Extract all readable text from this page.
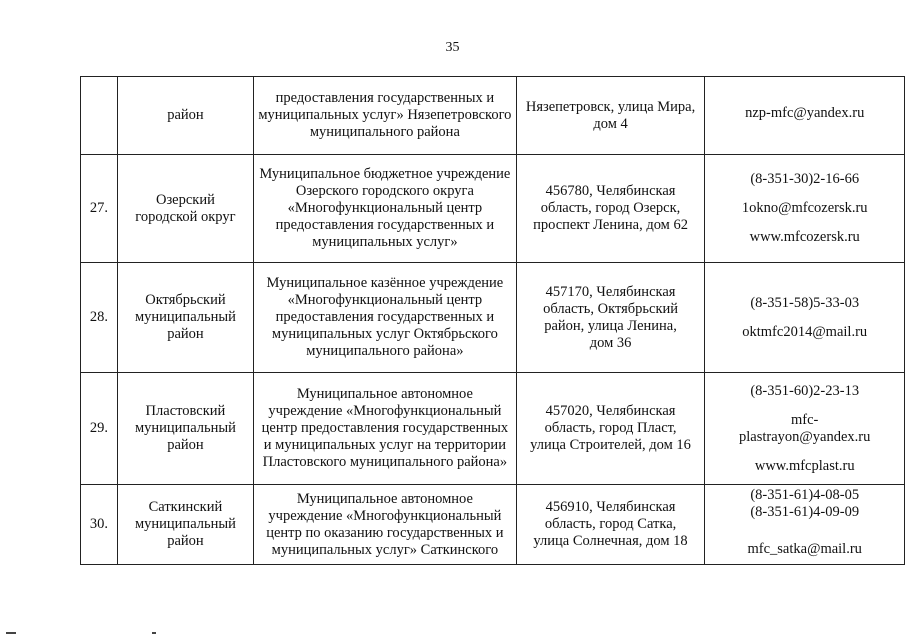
35

	район	предоставления государственных и
муниципальных услуг» Нязепетровского
муниципального района	Нязепетровск, улица Мира,
дом 4	nzp-mfc@yandex.ru

27.	Озерский
городской округ	Муниципальное бюджетное учреждение
Озерского городского округа
«Многофункциональный центр
предоставления государственных и
муниципальных услуг»	456780, Челябинская
область, город Озерск,
проспект Ленина, дом 62	(8-351-30)2-16-66
1okno@mfcozersk.ru
www.mfcozersk.ru

28.	Октябрьский
муниципальный
район	Муниципальное казённое учреждение
«Многофункциональный центр
предоставления государственных и
муниципальных услуг Октябрьского
муниципального района»	457170, Челябинская
область, Октябрьский
район, улица Ленина,
дом 36	(8-351-58)5-33-03
oktmfc2014@mail.ru

29.	Пластовский
муниципальный
район	Муниципальное автономное
учреждение «Многофункциональный
центр предоставления государственных
и муниципальных услуг на территории
Пластовского муниципального района»	457020, Челябинская
область, город Пласт,
улица Строителей, дом 16	(8-351-60)2-23-13
mfc-
plastrayon@yandex.ru
www.mfcplast.ru

30.	Саткинский
муниципальный
район	Муниципальное автономное
учреждение «Многофункциональный
центр по оказанию государственных и
муниципальных услуг» Саткинского	456910, Челябинская
область, город Сатка,
улица Солнечная, дом 18	(8-351-61)4-08-05
(8-351-61)4-09-09
mfc_satka@mail.ru
